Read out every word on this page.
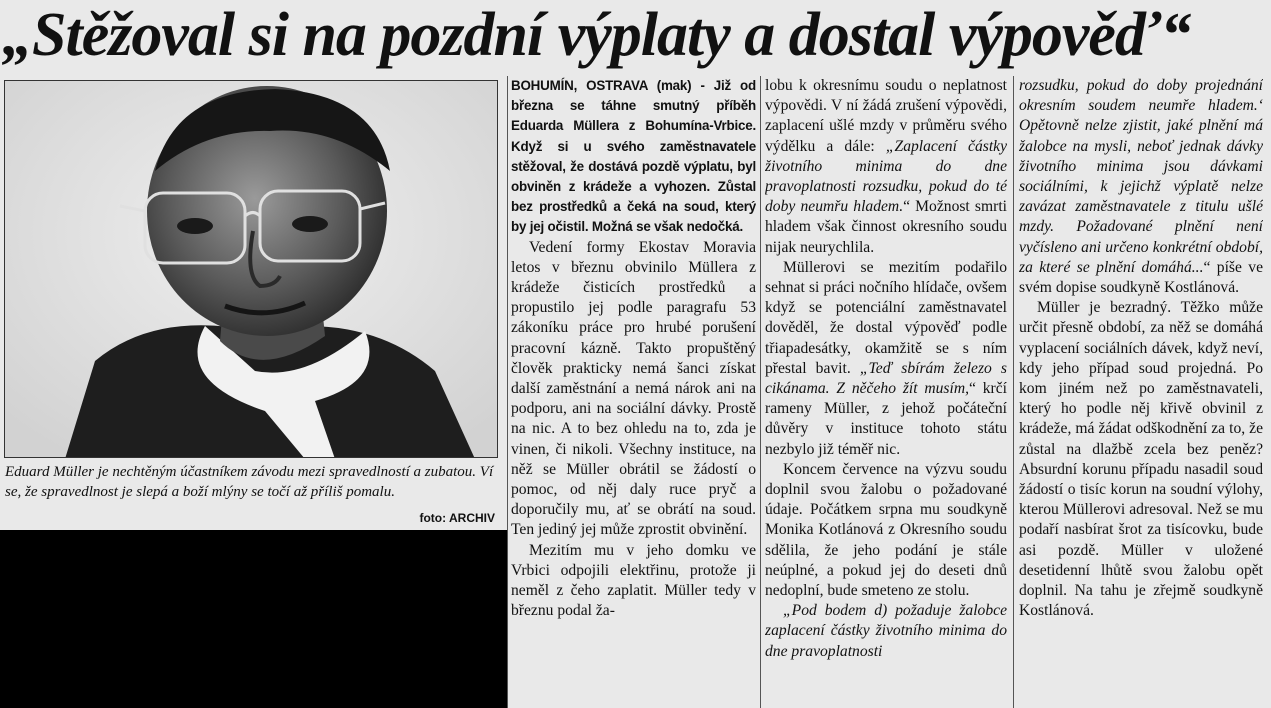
„Stěžoval si na pozdní výplaty a dostal výpověď“
Eduard Müller je nechtěným účastníkem závodu mezi spravedlností a zubatou. Ví se, že spravedlnost je slepá a boží mlýny se točí až příliš pomalu.
foto: ARCHIV

BOHUMÍN, OSTRAVA (mak) - Již od března se táhne smutný příběh Eduarda Müllera z Bohumína-Vrbice. Když si u svého zaměstnavatele stěžoval, že dostává pozdě výplatu, byl obviněn z krádeže a vyhozen. Zůstal bez prostředků a čeká na soud, který by jej očistil. Možná se však nedočká.

Vedení formy Ekostav Moravia letos v březnu obvinilo Müllera z krádeže čisticích prostředků a propustilo jej podle paragrafu 53 zákoníku práce pro hrubé porušení pracovní kázně. Takto propuštěný člověk prakticky nemá šanci získat další zaměstnání a nemá nárok ani na podporu, ani na sociální dávky. Prostě na nic. A to bez ohledu na to, zda je vinen, či nikoli. Všechny instituce, na něž se Müller obrátil se žádostí o pomoc, od něj daly ruce pryč a doporučily mu, ať se obrátí na soud. Ten jediný jej může zprostit obvinění.

Mezitím mu v jeho domku ve Vrbici odpojili elektřinu, protože ji neměl z čeho zaplatit. Müller tedy v březnu podal ža-

lobu k okresnímu soudu o neplatnost výpovědi. V ní žádá zrušení výpovědi, zaplacení ušlé mzdy v průměru svého výdělku a dále: „Zaplacení částky životního minima do dne pravoplatnosti rozsudku, pokud do té doby neumřu hladem.“ Možnost smrti hladem však činnost okresního soudu nijak neurychlila.

Müllerovi se mezitím podařilo sehnat si práci nočního hlídače, ovšem když se potenciální zaměstnavatel dověděl, že dostal výpověď podle třiapadesátky, okamžitě se s ním přestal bavit. „Teď sbírám železo s cikánama. Z něčeho žít musím,“ krčí rameny Müller, z jehož počáteční důvěry v instituce tohoto státu nezbylo již téměř nic.

Koncem července na výzvu soudu doplnil svou žalobu o požadované údaje. Počátkem srpna mu soudkyně Monika Kotlánová z Okresního soudu sdělila, že jeho podání je stále neúplné, a pokud jej do deseti dnů nedoplní, bude smeteno ze stolu.

„Pod bodem d) požaduje žalobce zaplacení částky životního minima do dne pravoplatnosti

rozsudku, pokud do doby projednání okresním soudem neumře hladem.‘ Opětovně nelze zjistit, jaké plnění má žalobce na mysli, neboť jednak dávky životního minima jsou dávkami sociálními, k jejichž výplatě nelze zavázat zaměstnavatele z titulu ušlé mzdy. Požadované plnění není vyčísleno ani určeno konkrétní období, za které se plnění domáhá...“ píše ve svém dopise soudkyně Kostlánová.

Müller je bezradný. Těžko může určit přesně období, za něž se domáhá vyplacení sociálních dávek, když neví, kdy jeho případ soud projedná. Po kom jiném než po zaměstnavateli, který ho podle něj křivě obvinil z krádeže, má žádat odškodnění za to, že zůstal na dlažbě zcela bez peněz? Absurdní korunu případu nasadil soud žádostí o tisíc korun na soudní výlohy, kterou Müllerovi adresoval. Než se mu podaří nasbírat šrot za tisícovku, bude asi pozdě. Müller v uložené desetidenní lhůtě svou žalobu opět doplnil. Na tahu je zřejmě soudkyně Kostlánová.
